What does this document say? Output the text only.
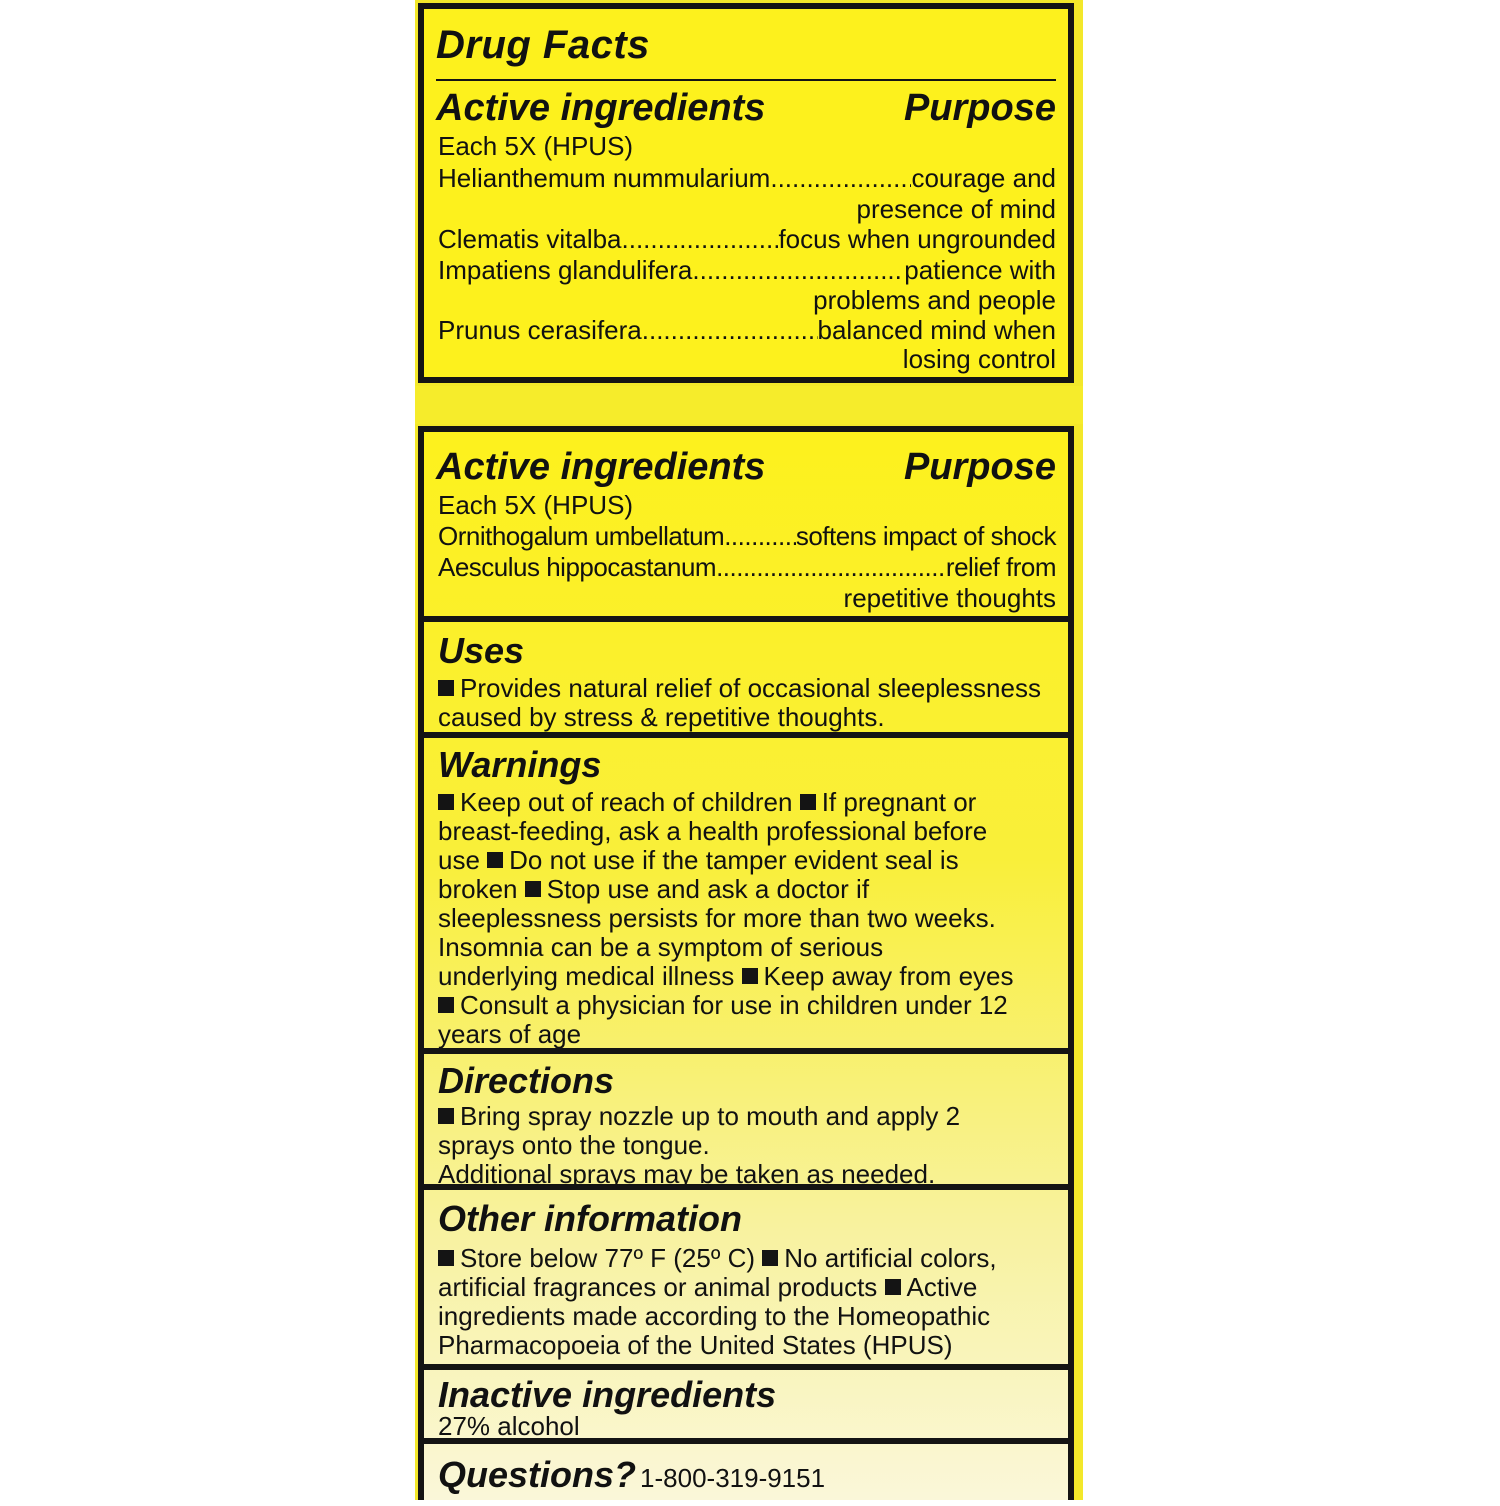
Drug Facts
Active ingredients	Purpose
Each 5X (HPUS)
Helianthemum nummularium .....	courage and
presence of mind
Clematis vitalba .....	focus when ungrounded
Impatiens glandulifera .....	patience with
problems and people
Prunus cerasifera .....	balanced mind when
losing control
Active ingredients	Purpose
Each 5X (HPUS)
Ornithogalum umbellatum .....	softens impact of shock
Aesculus hippocastanum .....	relief from
repetitive thoughts
Uses
Provides natural relief of occasional sleeplessness
caused by stress & repetitive thoughts.
Warnings
Keep out of reach of children If pregnant or
breast-feeding, ask a health professional before
use Do not use if the tamper evident seal is
broken Stop use and ask a doctor if
sleeplessness persists for more than two weeks.
Insomnia can be a symptom of serious
underlying medical illness Keep away from eyes
Consult a physician for use in children under 12
years of age
Directions
Bring spray nozzle up to mouth and apply 2
sprays onto the tongue.
Additional sprays may be taken as needed.
Other information
Store below 77º F (25º C) No artificial colors,
artificial fragrances or animal products Active
ingredients made according to the Homeopathic
Pharmacopoeia of the United States (HPUS)
Inactive ingredients
27% alcohol
Questions? 1-800-319-9151
